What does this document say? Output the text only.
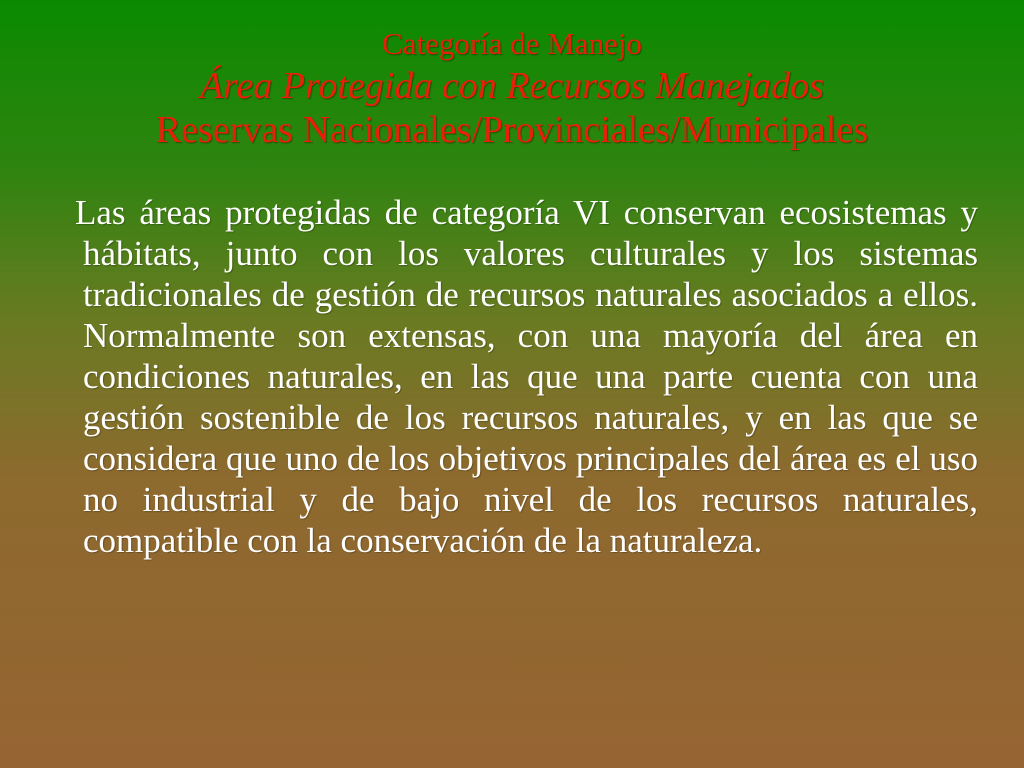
Categoría de Manejo
Área Protegida con Recursos Manejados
Reservas Nacionales/Provinciales/Municipales

Las áreas protegidas de categoría VI conservan ecosistemas y hábitats, junto con los valores culturales y los sistemas tradicionales de gestión de recursos naturales asociados a ellos. Normalmente son extensas, con una mayoría del área en condiciones naturales, en las que una parte cuenta con una gestión sostenible de los recursos naturales, y en las que se considera que uno de los objetivos principales del área es el uso no industrial y de bajo nivel de los recursos naturales, compatible con la conservación de la naturaleza.
